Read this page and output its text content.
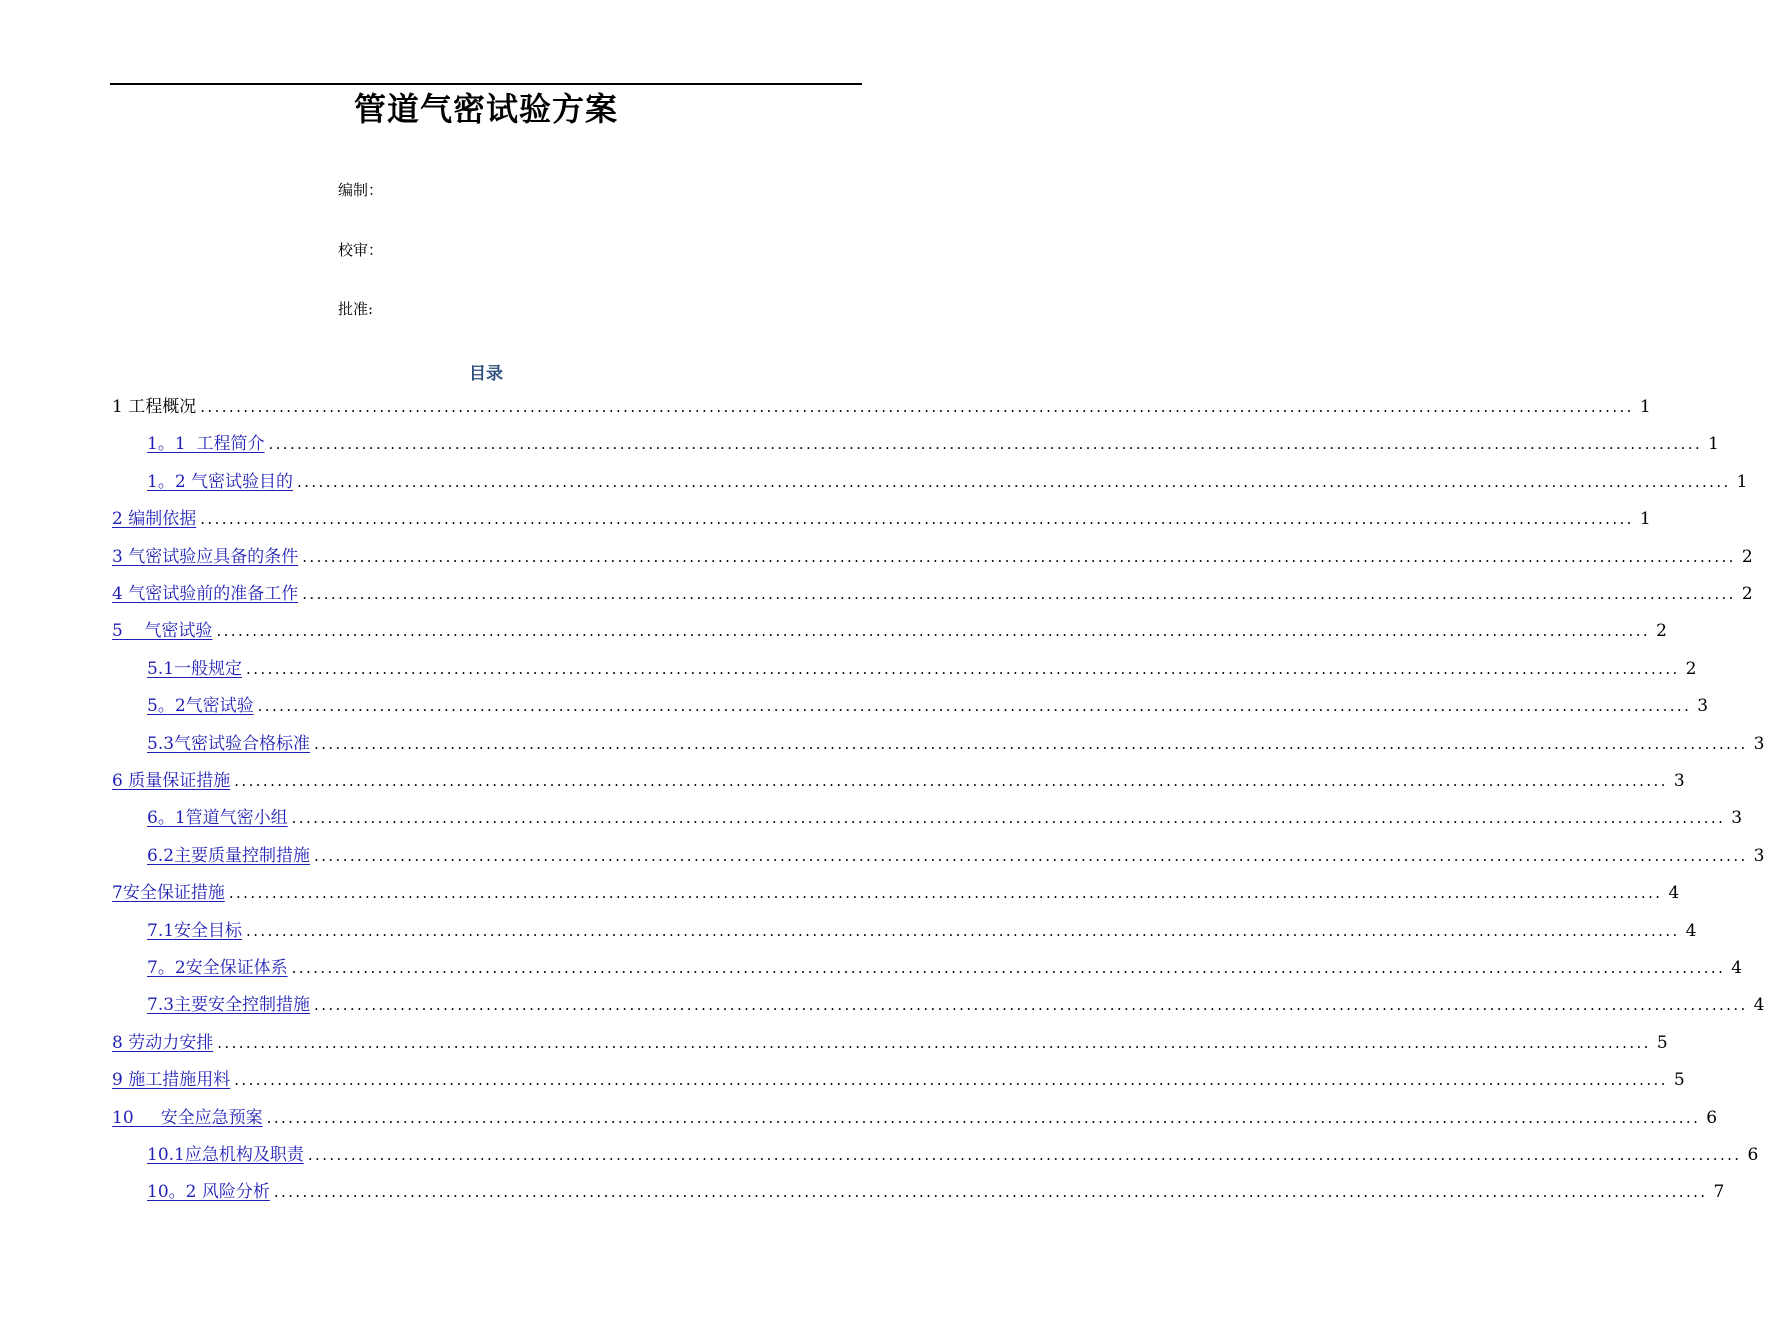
管道气密试验方案
编制：
校审：
批准:
目录
1 工程概况 ........................................................................................................................................................................................................ 1
1。1  工程简介 ........................................................................................................................................................................................................ 1
1。2 气密试验目的 ........................................................................................................................................................................................................ 1
2 编制依据 ........................................................................................................................................................................................................ 1
3 气密试验应具备的条件 ........................................................................................................................................................................................................ 2
4 气密试验前的准备工作 ........................................................................................................................................................................................................ 2
5    气密试验 ........................................................................................................................................................................................................ 2
5.1一般规定 ........................................................................................................................................................................................................ 2
5。2气密试验 ........................................................................................................................................................................................................ 3
5.3气密试验合格标准 ........................................................................................................................................................................................................ 3
6 质量保证措施 ........................................................................................................................................................................................................ 3
6。1管道气密小组 ........................................................................................................................................................................................................ 3
6.2主要质量控制措施 ........................................................................................................................................................................................................ 3
7安全保证措施 ........................................................................................................................................................................................................ 4
7.1安全目标 ........................................................................................................................................................................................................ 4
7。2安全保证体系 ........................................................................................................................................................................................................ 4
7.3主要安全控制措施 ........................................................................................................................................................................................................ 4
8 劳动力安排 ........................................................................................................................................................................................................ 5
9 施工措施用料 ........................................................................................................................................................................................................ 5
10     安全应急预案 ........................................................................................................................................................................................................ 6
10.1应急机构及职责 ........................................................................................................................................................................................................ 6
10。2 风险分析 ........................................................................................................................................................................................................ 7
